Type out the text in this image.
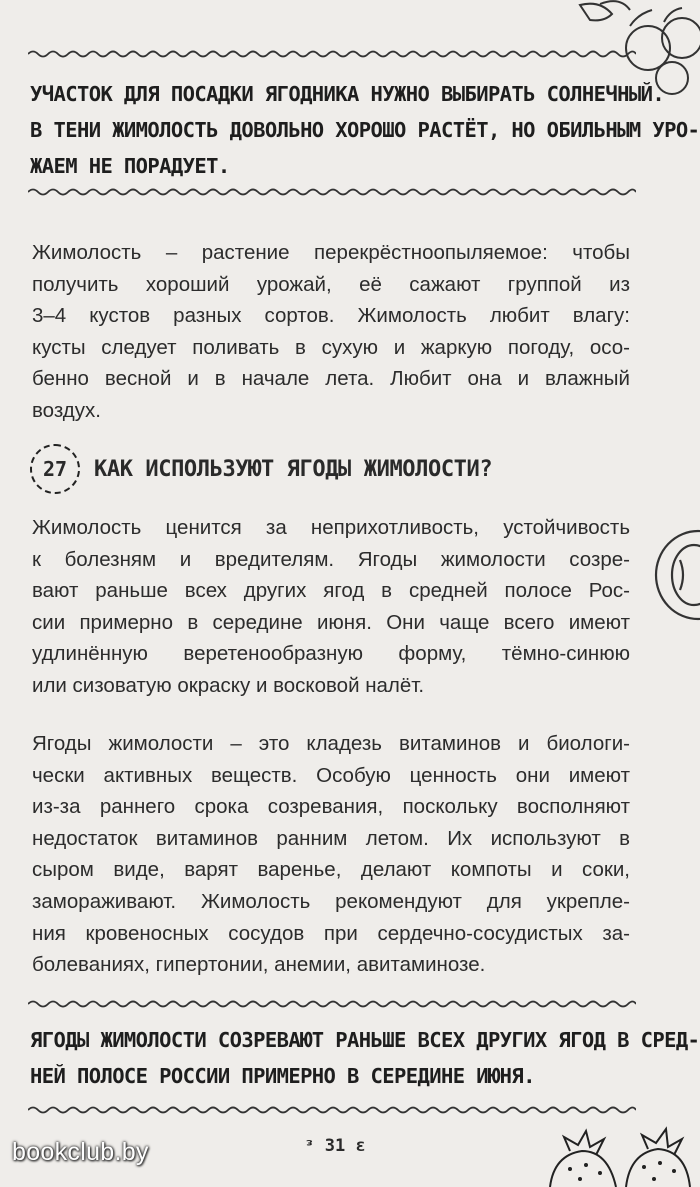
УЧАСТОК ДЛЯ ПОСАДКИ ЯГОДНИКА НУЖНО ВЫБИРАТЬ СОЛНЕЧНЫЙ.
В ТЕНИ ЖИМОЛОСТЬ ДОВОЛЬНО ХОРОШО РАСТЁТ, НО ОБИЛЬНЫМ УРО-
ЖАЕМ НЕ ПОРАДУЕТ.
Жимолость – растение перекрёстноопыляемое: чтобы
получить хороший урожай, её сажают группой из
3–4 кустов разных сортов. Жимолость любит влагу:
кусты следует поливать в сухую и жаркую погоду, осо-
бенно весной и в начале лета. Любит она и влажный
воздух.
27	КАК ИСПОЛЬЗУЮТ ЯГОДЫ ЖИМОЛОСТИ?
Жимолость ценится за неприхотливость, устойчивость
к болезням и вредителям. Ягоды жимолости созре-
вают раньше всех других ягод в средней полосе Рос-
сии примерно в середине июня. Они чаще всего имеют
удлинённую веретенообразную форму, тёмно-синюю
или сизоватую окраску и восковой налёт.
Ягоды жимолости – это кладезь витаминов и биологи-
чески активных веществ. Особую ценность они имеют
из-за раннего срока созревания, поскольку восполняют
недостаток витаминов ранним летом. Их используют в
сыром виде, варят варенье, делают компоты и соки,
замораживают. Жимолость рекомендуют для укрепле-
ния кровеносных сосудов при сердечно-сосудистых за-
болеваниях, гипертонии, анемии, авитаминозе.
ЯГОДЫ ЖИМОЛОСТИ СОЗРЕВАЮТ РАНЬШЕ ВСЕХ ДРУГИХ ЯГОД В СРЕД-
НЕЙ ПОЛОСЕ РОССИИ ПРИМЕРНО В СЕРЕДИНЕ ИЮНЯ.
ᵌ 31 ε
bookclub.by
